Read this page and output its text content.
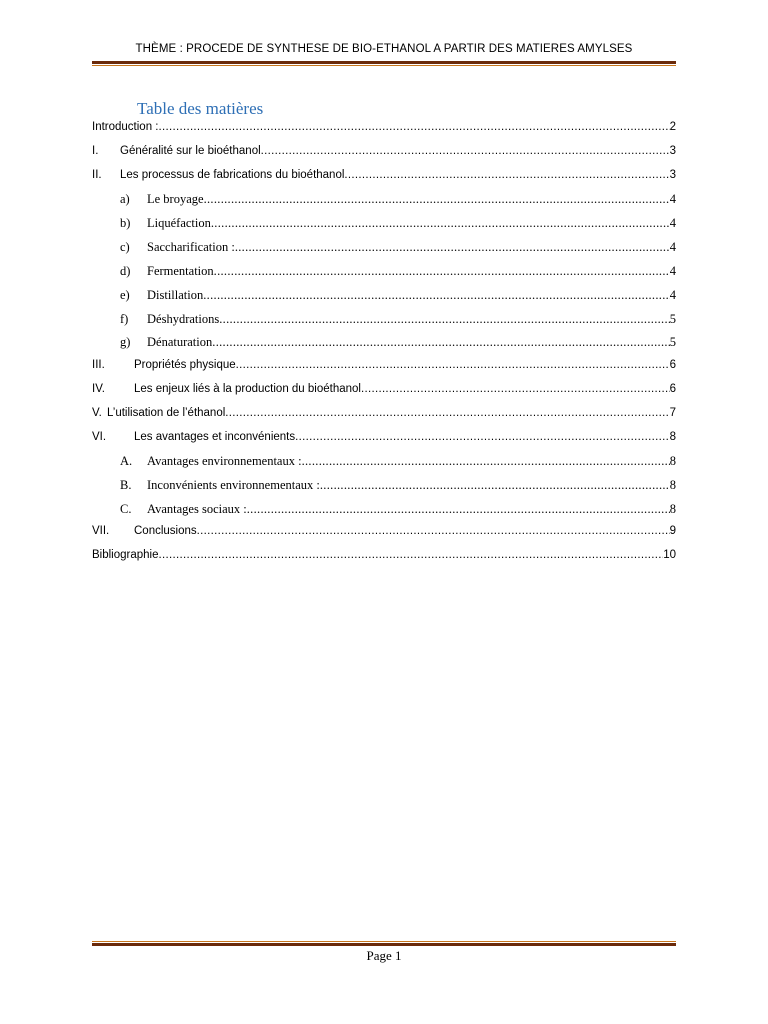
THÈME : PROCEDE DE SYNTHESE DE BIO-ETHANOL A PARTIR DES MATIERES AMYLSES
Table des matières
Introduction : .....	2
I.	Généralité sur le bioéthanol .....	3
II.	Les processus de fabrications du bioéthanol .....	3
a)	Le broyage .....	4
b)	Liquéfaction .....	4
c)	Saccharification : .....	4
d)	Fermentation .....	4
e)	Distillation .....	4
f)	Déshydrations .....	5
g)	Dénaturation .....	5
III.	Propriétés physique .....	6
IV.	Les enjeux liés à la production du bioéthanol .....	6
V. L’utilisation de l’éthanol .....	7
VI.	Les avantages et inconvénients .....	8
A.	Avantages environnementaux : .....	8
B.	Inconvénients environnementaux : .....	8
C.	Avantages sociaux : .....	8
VII.	Conclusions .....	9
Bibliographie .....	10
Page 1
